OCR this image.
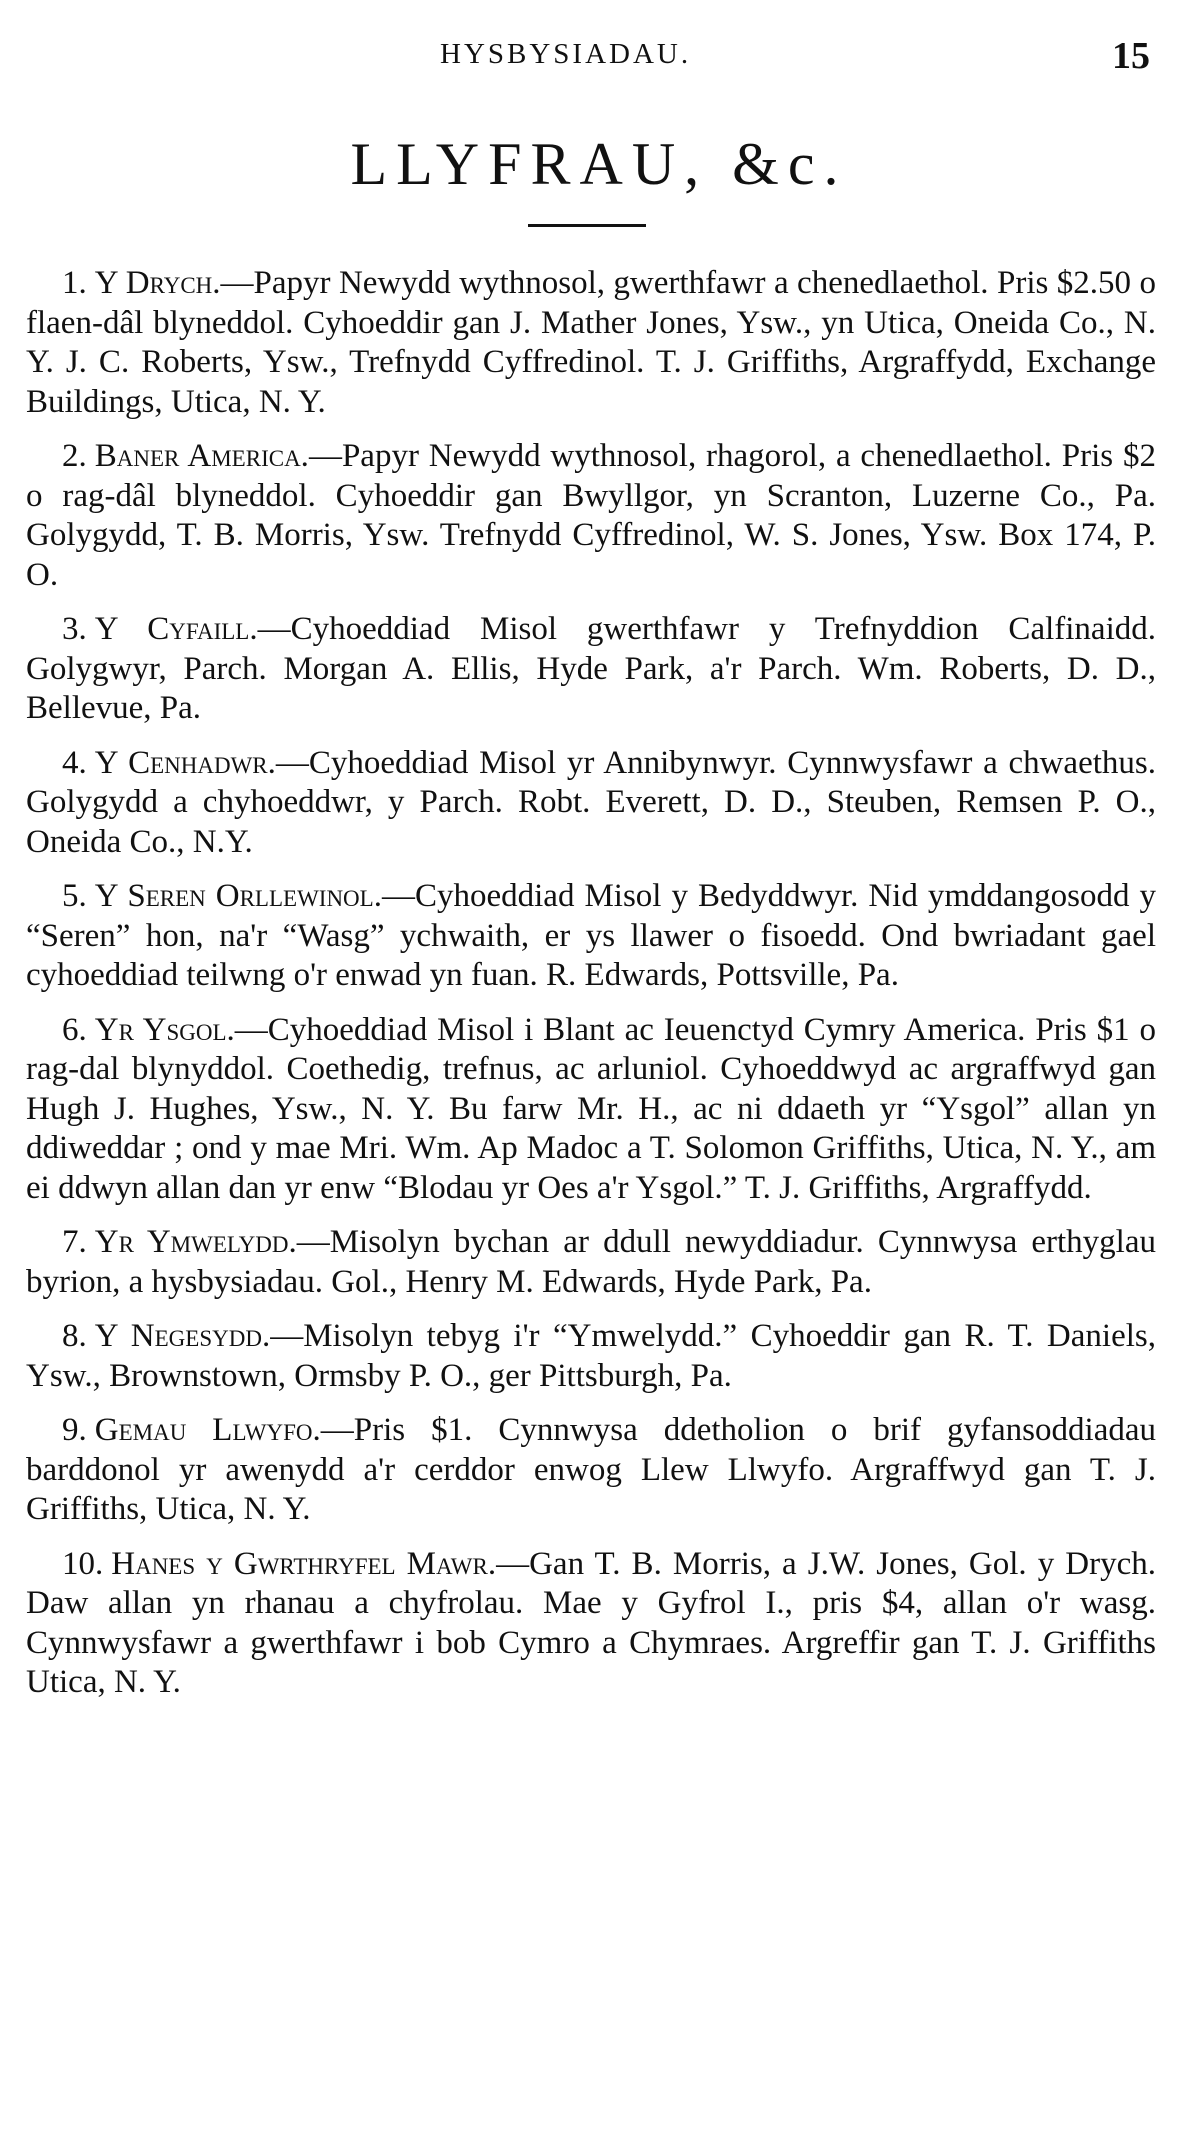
HYSBYSIADAU.	15
LLYFRAU, &c.

1. Y Drych.—Papyr Newydd wythnosol, gwerthfawr a chenedlaethol. Pris $2.50 o flaen-dâl blyneddol. Cyhoeddir gan J. Mather Jones, Ysw., yn Utica, Oneida Co., N. Y. J. C. Roberts, Ysw., Trefnydd Cyffredinol. T. J. Griffiths, Argraffydd, Exchange Buildings, Utica, N. Y.

2. Baner America.—Papyr Newydd wythnosol, rhagorol, a chenedlaethol. Pris $2 o rag-dâl blyneddol. Cyhoeddir gan Bwyllgor, yn Scranton, Luzerne Co., Pa. Golygydd, T. B. Morris, Ysw. Trefnydd Cyffredinol, W. S. Jones, Ysw. Box 174, P. O.

3. Y Cyfaill.—Cyhoeddiad Misol gwerthfawr y Trefnyddion Calfinaidd. Golygwyr, Parch. Morgan A. Ellis, Hyde Park, a'r Parch. Wm. Roberts, D. D., Bellevue, Pa.

4. Y Cenhadwr.—Cyhoeddiad Misol yr Annibynwyr. Cynnwysfawr a chwaethus. Golygydd a chyhoeddwr, y Parch. Robt. Everett, D. D., Steuben, Remsen P. O., Oneida Co., N.Y.

5. Y Seren Orllewinol.—Cyhoeddiad Misol y Bedyddwyr. Nid ymddangosodd y “Seren” hon, na'r “Wasg” ychwaith, er ys llawer o fisoedd. Ond bwriadant gael cyhoeddiad teilwng o'r enwad yn fuan. R. Edwards, Pottsville, Pa.

6. Yr Ysgol.—Cyhoeddiad Misol i Blant ac Ieuenctyd Cymry America. Pris $1 o rag-dal blynyddol. Coethedig, trefnus, ac arluniol. Cyhoeddwyd ac argraffwyd gan Hugh J. Hughes, Ysw., N. Y. Bu farw Mr. H., ac ni ddaeth yr “Ysgol” allan yn ddiweddar ; ond y mae Mri. Wm. Ap Madoc a T. Solomon Griffiths, Utica, N. Y., am ei ddwyn allan dan yr enw “Blodau yr Oes a'r Ysgol.” T. J. Griffiths, Argraffydd.

7. Yr Ymwelydd.—Misolyn bychan ar ddull newyddiadur. Cynnwysa erthyglau byrion, a hysbysiadau. Gol., Henry M. Edwards, Hyde Park, Pa.

8. Y Negesydd.—Misolyn tebyg i'r “Ymwelydd.” Cyhoeddir gan R. T. Daniels, Ysw., Brownstown, Ormsby P. O., ger Pittsburgh, Pa.

9. Gemau Llwyfo.—Pris $1. Cynnwysa ddetholion o brif gyfansoddiadau barddonol yr awenydd a'r cerddor enwog Llew Llwyfo. Argraffwyd gan T. J. Griffiths, Utica, N. Y.

10. Hanes y Gwrthryfel Mawr.—Gan T. B. Morris, a J.W. Jones, Gol. y Drych. Daw allan yn rhanau a chyfrolau. Mae y Gyfrol I., pris $4, allan o'r wasg. Cynnwysfawr a gwerthfawr i bob Cymro a Chymraes. Argreffir gan T. J. Griffiths Utica, N. Y.
